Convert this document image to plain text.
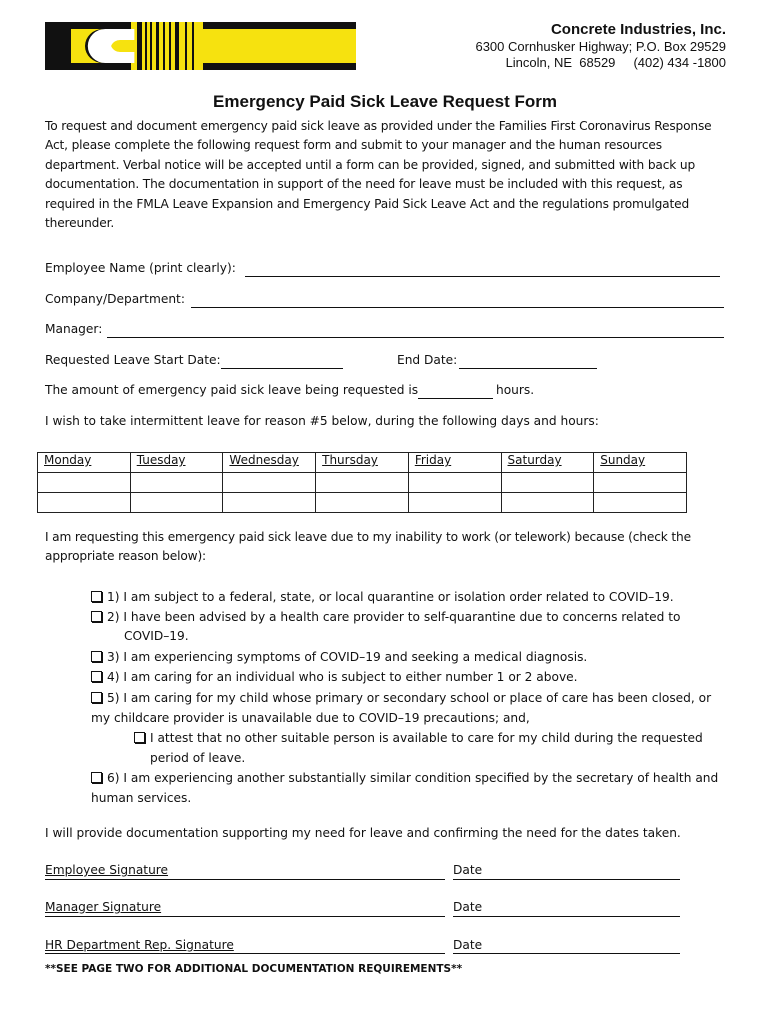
Concrete Industries, Inc.
6300 Cornhusker Highway; P.O. Box 29529
Lincoln, NE  68529     (402) 434 -1800
Emergency Paid Sick Leave Request Form
To request and document emergency paid sick leave as provided under the Families First Coronavirus Response Act, please complete the following request form and submit to your manager and the human resources department. Verbal notice will be accepted until a form can be provided, signed, and submitted with back up documentation. The documentation in support of the need for leave must be included with this request, as required in the FMLA Leave Expansion and Emergency Paid Sick Leave Act and the regulations promulgated thereunder.
Employee Name (print clearly):
Company/Department:
Manager:
Requested Leave Start Date:	End Date:
The amount of emergency paid sick leave being requested is	hours.
I wish to take intermittent leave for reason #5 below, during the following days and hours:
Monday	Tuesday	Wednesday	Thursday	Friday	Saturday	Sunday

I am requesting this emergency paid sick leave due to my inability to work (or telework) because (check the appropriate reason below):
1) I am subject to a federal, state, or local quarantine or isolation order related to COVID–19.
2) I have been advised by a health care provider to self-quarantine due to concerns related to
COVID–19.
3) I am experiencing symptoms of COVID–19 and seeking a medical diagnosis.
4) I am caring for an individual who is subject to either number 1 or 2 above.
5) I am caring for my child whose primary or secondary school or place of care has been closed, or
my childcare provider is unavailable due to COVID–19 precautions; and,
I attest that no other suitable person is available to care for my child during the requested
period of leave.
6) I am experiencing another substantially similar condition specified by the secretary of health and
human services.
I will provide documentation supporting my need for leave and confirming the need for the dates taken.
Employee Signature	Date
Manager Signature	Date
HR Department Rep. Signature	Date
**SEE PAGE TWO FOR ADDITIONAL DOCUMENTATION REQUIREMENTS**
